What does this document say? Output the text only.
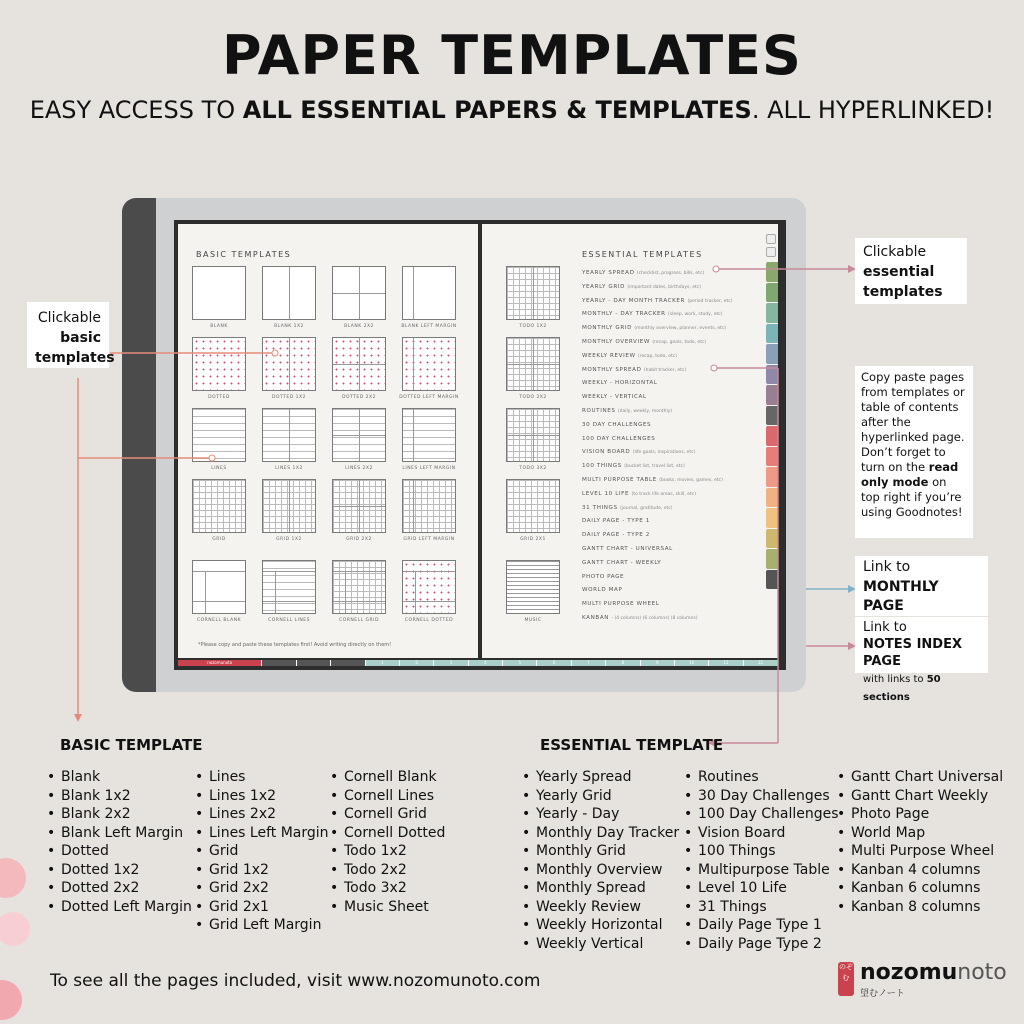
PAPER TEMPLATES
EASY ACCESS TO ALL ESSENTIAL PAPERS & TEMPLATES. ALL HYPERLINKED!
BASIC TEMPLATES
BLANK	BLANK 1X2	BLANK 2X2	BLANK LEFT MARGIN
DOTTED	DOTTED 1X2	DOTTED 2X2	DOTTED LEFT MARGIN
LINES	LINES 1X2	LINES 2X2	LINES LEFT MARGIN
GRID	GRID 1X2	GRID 2X2	GRID LEFT MARGIN
CORNELL BLANK	CORNELL LINES	CORNELL GRID	CORNELL DOTTED
*Please copy and paste these templates first! Avoid writing directly on them!
ESSENTIAL TEMPLATES
TODO 1X2
TODO 2X2
TODO 3X2
GRID 2X1
MUSIC
YEARLY SPREAD (checklist, progress, bills, etc)
YEARLY GRID (important dates, birthdays, etc)
YEARLY - DAY MONTH TRACKER (period tracker, etc)
MONTHLY - DAY TRACKER (sleep, work, study, etc)
MONTHLY GRID (monthly overview, planner, events, etc)
MONTHLY OVERVIEW (recap, goals, todo, etc)
WEEKLY REVIEW (recap, todo, etc)
MONTHLY SPREAD (habit tracker, etc)
WEEKLY - HORIZONTAL
WEEKLY - VERTICAL
ROUTINES (daily, weekly, monthly)
30 DAY CHALLENGES
100 DAY CHALLENGES
VISION BOARD (life goals, inspirations, etc)
100 THINGS (bucket list, travel list, etc)
MULTI PURPOSE TABLE (books, movies, games, etc)
LEVEL 10 LIFE (to track life areas, skill, etc)
31 THINGS (journal, gratitude, etc)
DAILY PAGE - TYPE 1
DAILY PAGE - TYPE 2
GANTT CHART - UNIVERSAL
GANTT CHART - WEEKLY
PHOTO PAGE
WORLD MAP
MULTI PURPOSE WHEEL
KANBAN - (4 columns) (6 columns) (8 columns)
nozomunoto	1	2	3	4	5	6	7	8	9	10	11	12
Clickable
basic
templates
Clickable
essential
templates
Copy paste pages from templates or table of contents after the hyperlinked page. Don’t forget to turn on the read only mode on top right if you’re using Goodnotes!
Link to
MONTHLY
PAGE
Link to
NOTES INDEX PAGE
with links to 50 sections
BASIC TEMPLATE
• Blank
• Blank 1x2
• Blank 2x2
• Blank Left Margin
• Dotted
• Dotted 1x2
• Dotted 2x2
• Dotted Left Margin
• Lines
• Lines 1x2
• Lines 2x2
• Lines Left Margin
• Grid
• Grid 1x2
• Grid 2x2
• Grid 2x1
• Grid Left Margin
• Cornell Blank
• Cornell Lines
• Cornell Grid
• Cornell Dotted
• Todo 1x2
• Todo 2x2
• Todo 3x2
• Music Sheet
ESSENTIAL TEMPLATE
• Yearly Spread
• Yearly Grid
• Yearly - Day
• Monthly Day Tracker
• Monthly Grid
• Monthly Overview
• Monthly Spread
• Weekly Review
• Weekly Horizontal
• Weekly Vertical
• Routines
• 30 Day Challenges
• 100 Day Challenges
• Vision Board
• 100 Things
• Multipurpose Table
• Level 10 Life
• 31 Things
• Daily Page Type 1
• Daily Page Type 2
• Gantt Chart Universal
• Gantt Chart Weekly
• Photo Page
• World Map
• Multi Purpose Wheel
• Kanban 4 columns
• Kanban 6 columns
• Kanban 8 columns
To see all the pages included, visit www.nozomunoto.com
のぞむ nozomunoto
望むノート
